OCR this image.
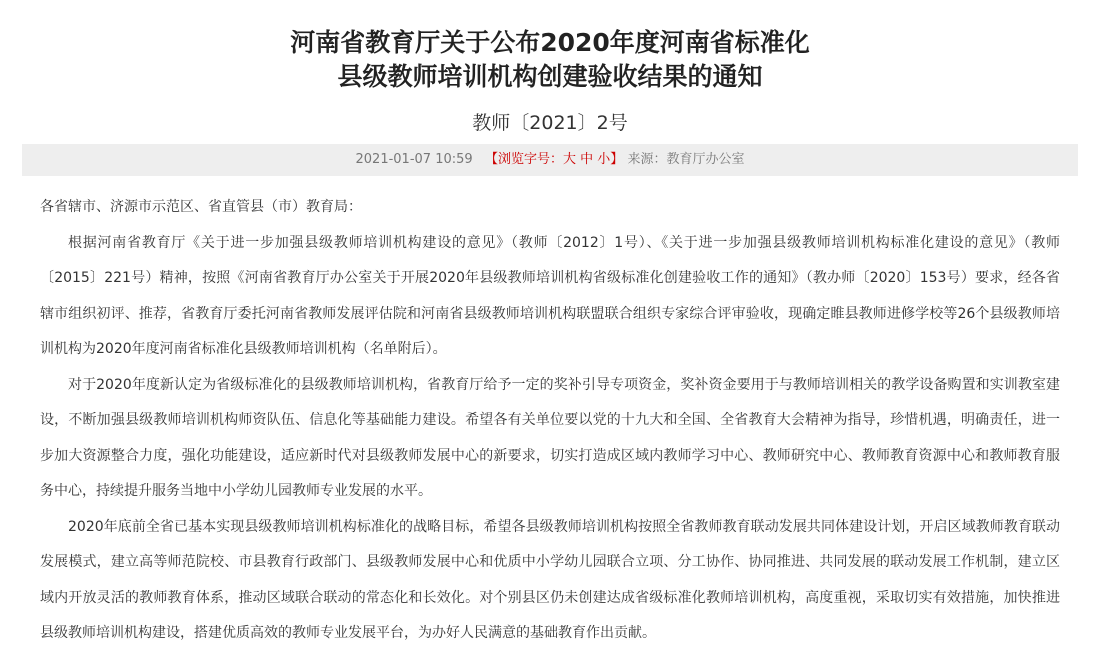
河南省教育厅关于公布2020年度河南省标准化
县级教师培训机构创建验收结果的通知
教师〔2021〕2号
2021-01-07 10:59 【浏览字号：大 中 小】 来源：教育厅办公室
各省辖市、济源市示范区、省直管县（市）教育局：
根据河南省教育厅《关于进一步加强县级教师培训机构建设的意见》（教师〔2012〕1号）、《关于进一步加强县级教师培训机构标准化建设的意见》（教师〔2015〕221号）精神，按照《河南省教育厅办公室关于开展2020年县级教师培训机构省级标准化创建验收工作的通知》（教办师〔2020〕153号）要求，经各省辖市组织初评、推荐，省教育厅委托河南省教师发展评估院和河南省县级教师培训机构联盟联合组织专家综合评审验收，现确定睢县教师进修学校等26个县级教师培训机构为2020年度河南省标准化县级教师培训机构（名单附后）。
对于2020年度新认定为省级标准化的县级教师培训机构，省教育厅给予一定的奖补引导专项资金，奖补资金要用于与教师培训相关的教学设备购置和实训教室建设，不断加强县级教师培训机构师资队伍、信息化等基础能力建设。希望各有关单位要以党的十九大和全国、全省教育大会精神为指导，珍惜机遇，明确责任，进一步加大资源整合力度，强化功能建设，适应新时代对县级教师发展中心的新要求，切实打造成区域内教师学习中心、教师研究中心、教师教育资源中心和教师教育服务中心，持续提升服务当地中小学幼儿园教师专业发展的水平。
2020年底前全省已基本实现县级教师培训机构标准化的战略目标，希望各县级教师培训机构按照全省教师教育联动发展共同体建设计划，开启区域教师教育联动发展模式，建立高等师范院校、市县教育行政部门、县级教师发展中心和优质中小学幼儿园联合立项、分工协作、协同推进、共同发展的联动发展工作机制，建立区域内开放灵活的教师教育体系，推动区域联合联动的常态化和长效化。对个别县区仍未创建达成省级标准化教师培训机构，高度重视，采取切实有效措施，加快推进县级教师培训机构建设，搭建优质高效的教师专业发展平台，为办好人民满意的基础教育作出贡献。
